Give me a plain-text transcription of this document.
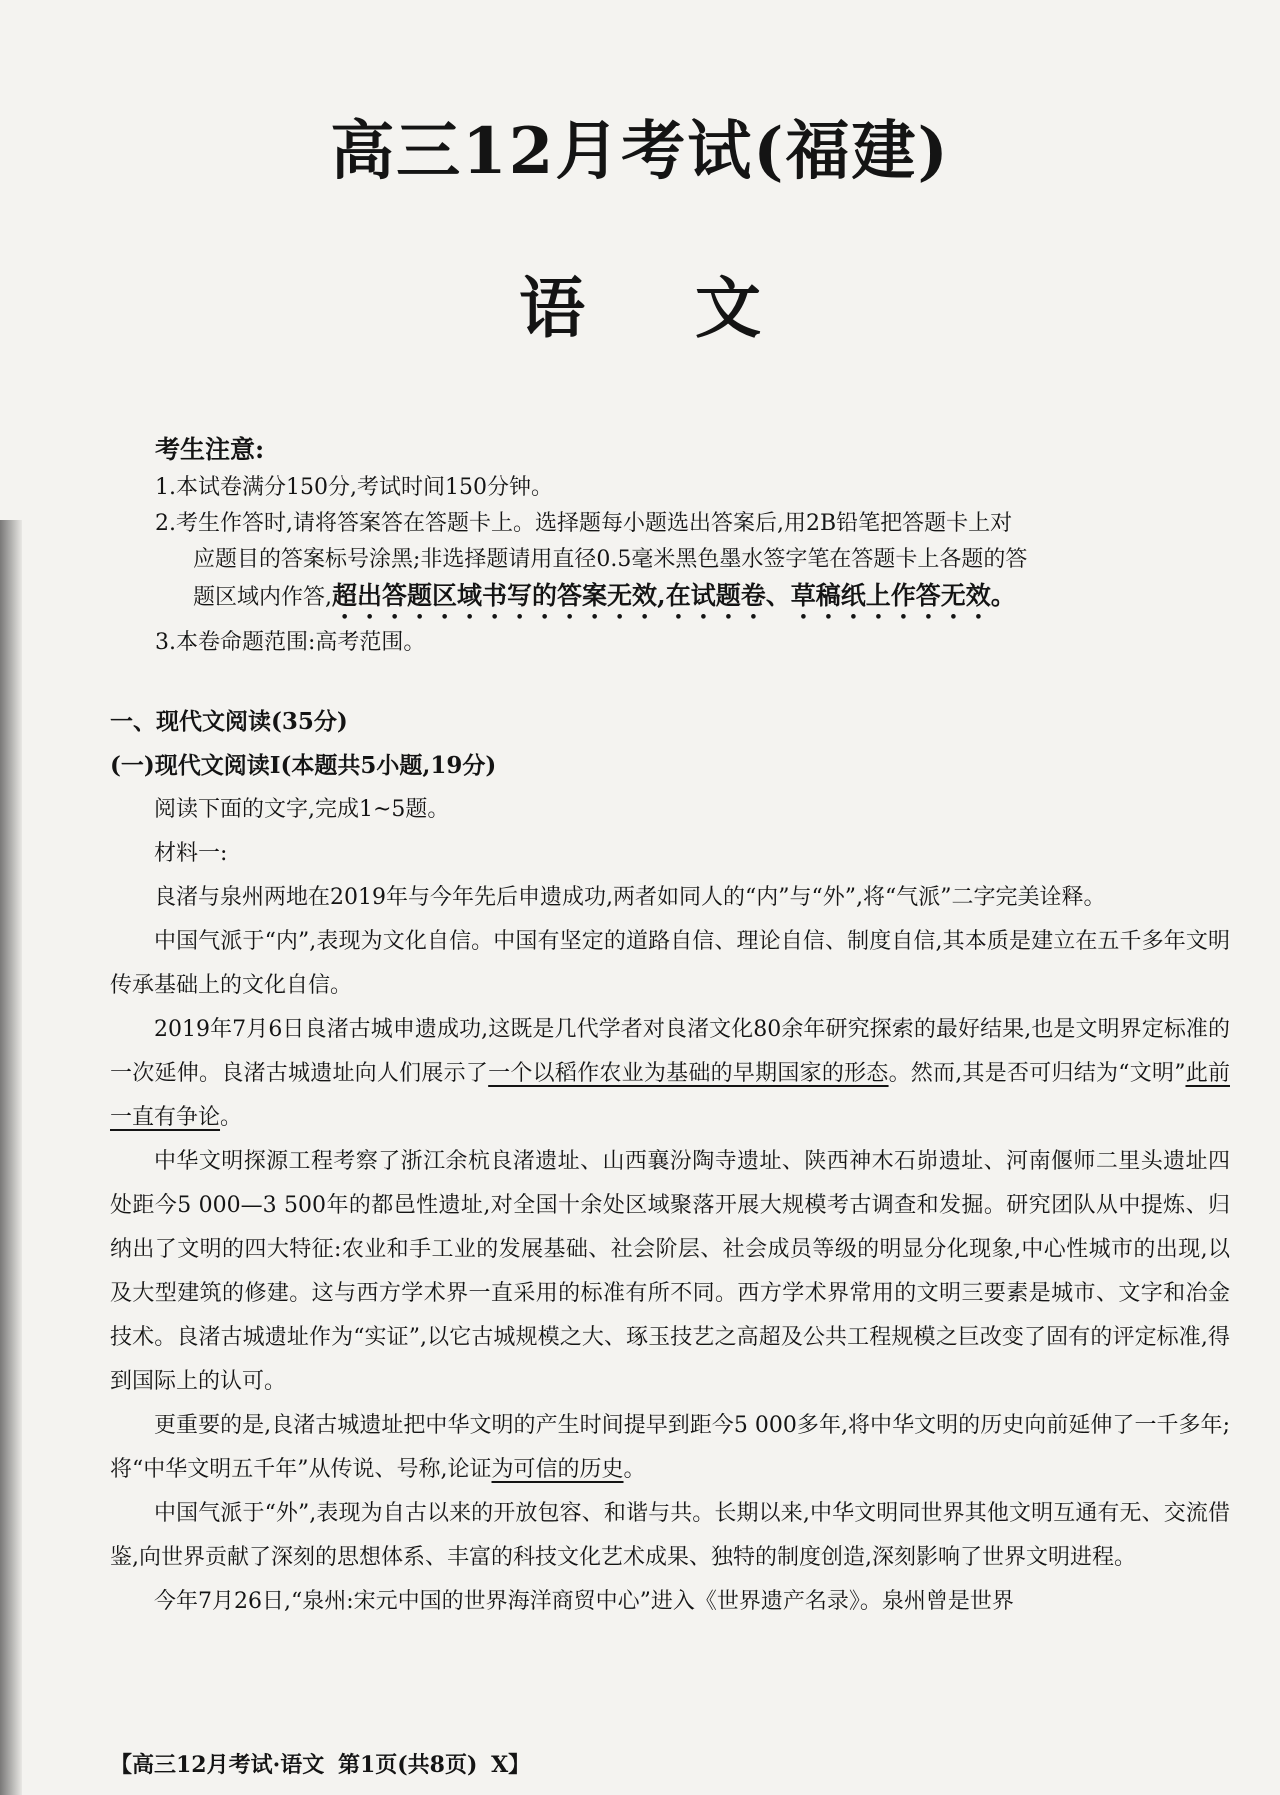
高三12月考试(福建)
语文
考生注意:

1.本试卷满分150分,考试时间150分钟。

2.考生作答时,请将答案答在答题卡上。选择题每小题选出答案后,用2B铅笔把答题卡上对

应题目的答案标号涂黑;非选择题请用直径0.5毫米黑色墨水签字笔在答题卡上各题的答

题区域内作答,超出答题区域书写的答案无效,在试题卷、草稿纸上作答无效。

3.本卷命题范围:高考范围。

一、现代文阅读(35分)

(一)现代文阅读Ⅰ(本题共5小题,19分)

阅读下面的文字,完成1~5题。

材料一:

良渚与泉州两地在2019年与今年先后申遗成功,两者如同人的“内”与“外”,将“气派”二字完美诠释。

中国气派于“内”,表现为文化自信。中国有坚定的道路自信、理论自信、制度自信,其本质是建立在五千多年文明传承基础上的文化自信。

2019年7月6日良渚古城申遗成功,这既是几代学者对良渚文化80余年研究探索的最好结果,也是文明界定标准的一次延伸。良渚古城遗址向人们展示了一个以稻作农业为基础的早期国家的形态。然而,其是否可归结为“文明”此前一直有争论。

中华文明探源工程考察了浙江余杭良渚遗址、山西襄汾陶寺遗址、陕西神木石峁遗址、河南偃师二里头遗址四处距今5 000—3 500年的都邑性遗址,对全国十余处区域聚落开展大规模考古调查和发掘。研究团队从中提炼、归纳出了文明的四大特征:农业和手工业的发展基础、社会阶层、社会成员等级的明显分化现象,中心性城市的出现,以及大型建筑的修建。这与西方学术界一直采用的标准有所不同。西方学术界常用的文明三要素是城市、文字和冶金技术。良渚古城遗址作为“实证”,以它古城规模之大、琢玉技艺之高超及公共工程规模之巨改变了固有的评定标准,得到国际上的认可。

更重要的是,良渚古城遗址把中华文明的产生时间提早到距今5 000多年,将中华文明的历史向前延伸了一千多年;将“中华文明五千年”从传说、号称,论证为可信的历史。

中国气派于“外”,表现为自古以来的开放包容、和谐与共。长期以来,中华文明同世界其他文明互通有无、交流借鉴,向世界贡献了深刻的思想体系、丰富的科技文化艺术成果、独特的制度创造,深刻影响了世界文明进程。

今年7月26日,“泉州:宋元中国的世界海洋商贸中心”进入《世界遗产名录》。泉州曾是世界

【高三12月考试·语文 第1页(共8页) X】
